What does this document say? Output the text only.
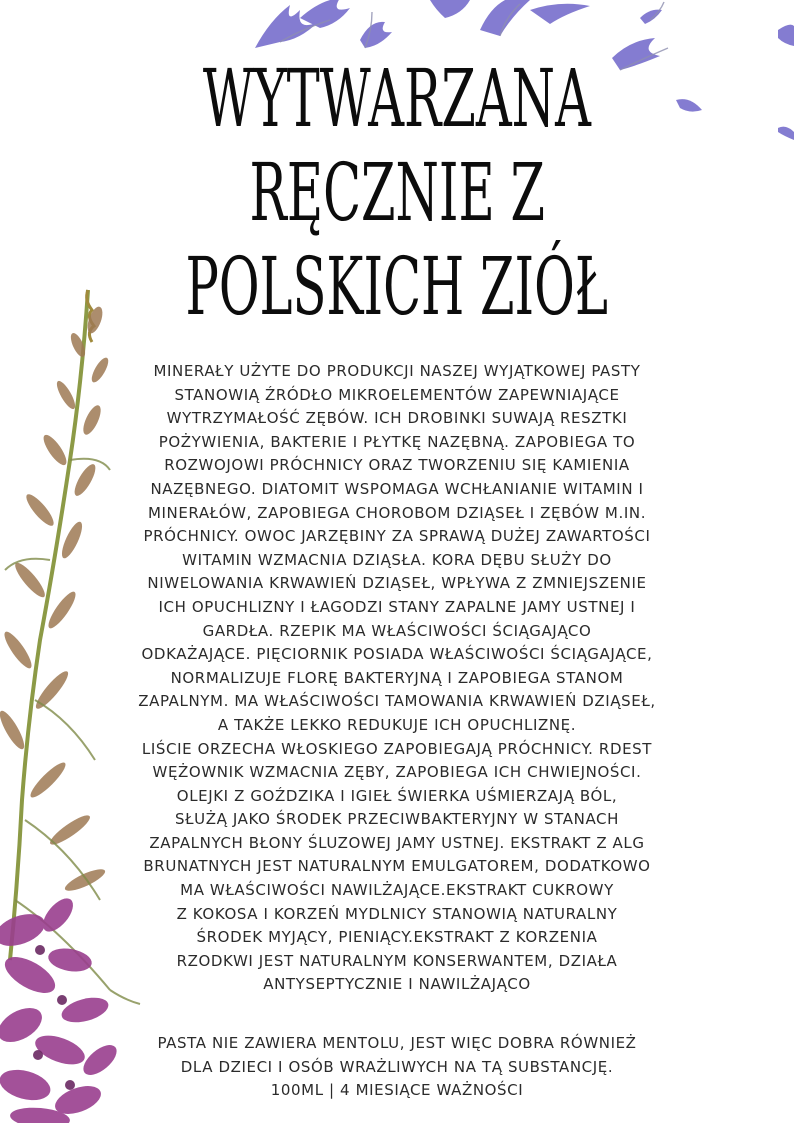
WYTWARZANA
RĘCZNIE Z
POLSKICH ZIÓŁ

MINERAŁY UŻYTE DO PRODUKCJI NASZEJ WYJĄTKOWEJ PASTY
STANOWIĄ ŹRÓDŁO MIKROELEMENTÓW ZAPEWNIAJĄCE
WYTRZYMAŁOŚĆ ZĘBÓW. ICH DROBINKI SUWAJĄ RESZTKI
POŻYWIENIA, BAKTERIE I PŁYTKĘ NAZĘBNĄ. ZAPOBIEGA TO
ROZWOJOWI PRÓCHNICY ORAZ TWORZENIU SIĘ KAMIENIA
NAZĘBNEGO. DIATOMIT WSPOMAGA WCHŁANIANIE WITAMIN I
MINERAŁÓW, ZAPOBIEGA CHOROBOM DZIĄSEŁ I ZĘBÓW M.IN.
PRÓCHNICY. OWOC JARZĘBINY ZA SPRAWĄ DUŻEJ ZAWARTOŚCI
WITAMIN WZMACNIA DZIĄSŁA. KORA DĘBU SŁUŻY DO
NIWELOWANIA KRWAWIEŃ DZIĄSEŁ, WPŁYWA Z ZMNIEJSZENIE
ICH OPUCHLIZNY I ŁAGODZI STANY ZAPALNE JAMY USTNEJ I
GARDŁA. RZEPIK MA WŁAŚCIWOŚCI ŚCIĄGAJĄCO
ODKAŻAJĄCE. PIĘCIORNIK POSIADA WŁAŚCIWOŚCI ŚCIĄGAJĄCE,
NORMALIZUJE FLORĘ BAKTERYJNĄ I ZAPOBIEGA STANOM
ZAPALNYM. MA WŁAŚCIWOŚCI TAMOWANIA KRWAWIEŃ DZIĄSEŁ,
A TAKŻE LEKKO REDUKUJE ICH OPUCHLIZNĘ.
LIŚCIE ORZECHA WŁOSKIEGO ZAPOBIEGAJĄ PRÓCHNICY. RDEST
WĘŻOWNIK WZMACNIA ZĘBY, ZAPOBIEGA ICH CHWIEJNOŚCI.
OLEJKI Z GOŹDZIKA I IGIEŁ ŚWIERKA UŚMIERZAJĄ BÓL,
SŁUŻĄ JAKO ŚRODEK PRZECIWBAKTERYJNY W STANACH
ZAPALNYCH BŁONY ŚLUZOWEJ JAMY USTNEJ. EKSTRAKT Z ALG
BRUNATNYCH JEST NATURALNYM EMULGATOREM, DODATKOWO
MA WŁAŚCIWOŚCI NAWILŻAJĄCE.EKSTRAKT CUKROWY
Z KOKOSA I KORZEŃ MYDLNICY STANOWIĄ NATURALNY
ŚRODEK MYJĄCY, PIENIĄCY.EKSTRAKT Z KORZENIA
RZODKWI JEST NATURALNYM KONSERWANTEM, DZIAŁA
ANTYSEPTYCZNIE I NAWILŻAJĄCO

PASTA NIE ZAWIERA MENTOLU, JEST WIĘC DOBRA RÓWNIEŻ
DLA DZIECI I OSÓB WRAŻLIWYCH NA TĄ SUBSTANCJĘ.
100ML | 4 MIESIĄCE WAŻNOŚCI
